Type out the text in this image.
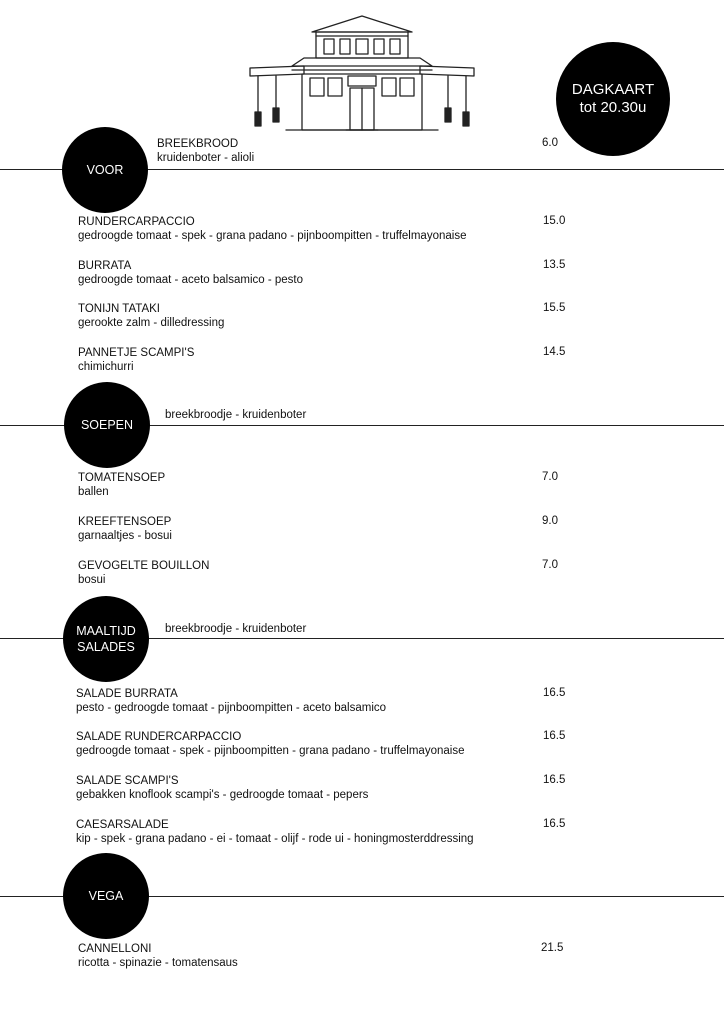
DAGKAART
tot 20.30u
VOOR
BREEKBROOD
kruidenboter - alioli
6.0
RUNDERCARPACCIO
gedroogde tomaat - spek - grana padano - pijnboompitten - truffelmayonaise
15.0
BURRATA
gedroogde tomaat - aceto balsamico - pesto
13.5
TONIJN TATAKI
gerookte zalm - dilledressing
15.5
PANNETJE SCAMPI'S
chimichurri
14.5
SOEPEN
breekbroodje - kruidenboter
TOMATENSOEP
ballen
7.0
KREEFTENSOEP
garnaaltjes - bosui
9.0
GEVOGELTE BOUILLON
bosui
7.0
MAALTIJD
SALADES
breekbroodje - kruidenboter
SALADE BURRATA
pesto - gedroogde tomaat - pijnboompitten - aceto balsamico
16.5
SALADE RUNDERCARPACCIO
gedroogde tomaat - spek - pijnboompitten - grana padano - truffelmayonaise
16.5
SALADE SCAMPI'S
gebakken knoflook scampi's - gedroogde tomaat - pepers
16.5
CAESARSALADE
kip - spek - grana padano - ei - tomaat - olijf - rode ui - honingmosterddressing
16.5
VEGA
CANNELLONI
ricotta - spinazie - tomatensaus
21.5
